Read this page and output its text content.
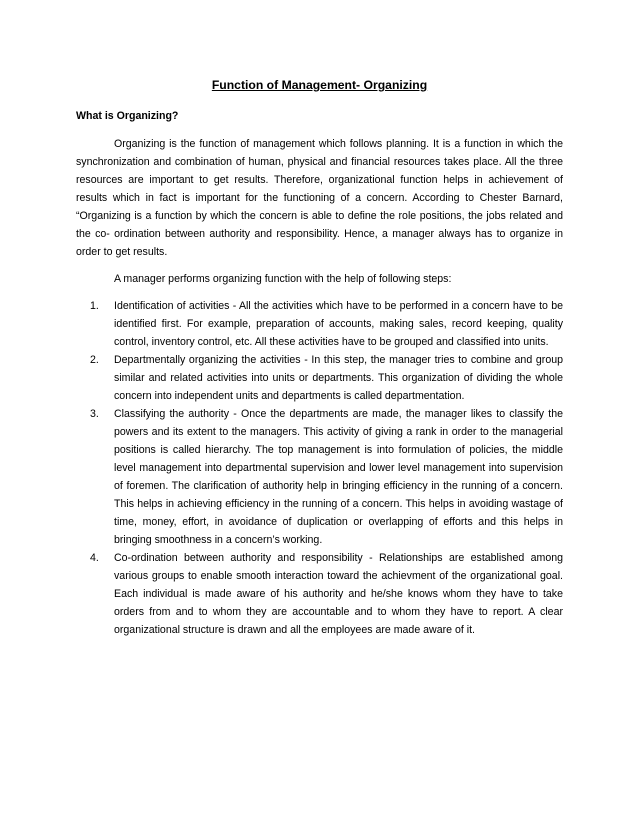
Function of Management- Organizing
What is Organizing?

Organizing is the function of management which follows planning. It is a function in which the synchronization and combination of human, physical and financial resources takes place. All the three resources are important to get results. Therefore, organizational function helps in achievement of results which in fact is important for the functioning of a concern. According to Chester Barnard, “Organizing is a function by which the concern is able to define the role positions, the jobs related and the co- ordination between authority and responsibility. Hence, a manager always has to organize in order to get results.

A manager performs organizing function with the help of following steps:

1. Identification of activities - All the activities which have to be performed in a concern have to be identified first. For example, preparation of accounts, making sales, record keeping, quality control, inventory control, etc. All these activities have to be grouped and classified into units.
2. Departmentally organizing the activities - In this step, the manager tries to combine and group similar and related activities into units or departments. This organization of dividing the whole concern into independent units and departments is called departmentation.
3. Classifying the authority - Once the departments are made, the manager likes to classify the powers and its extent to the managers. This activity of giving a rank in order to the managerial positions is called hierarchy. The top management is into formulation of policies, the middle level management into departmental supervision and lower level management into supervision of foremen. The clarification of authority help in bringing efficiency in the running of a concern. This helps in achieving efficiency in the running of a concern. This helps in avoiding wastage of time, money, effort, in avoidance of duplication or overlapping of efforts and this helps in bringing smoothness in a concern’s working.
4. Co-ordination between authority and responsibility - Relationships are established among various groups to enable smooth interaction toward the achievment of the organizational goal. Each individual is made aware of his authority and he/she knows whom they have to take orders from and to whom they are accountable and to whom they have to report. A clear organizational structure is drawn and all the employees are made aware of it.
